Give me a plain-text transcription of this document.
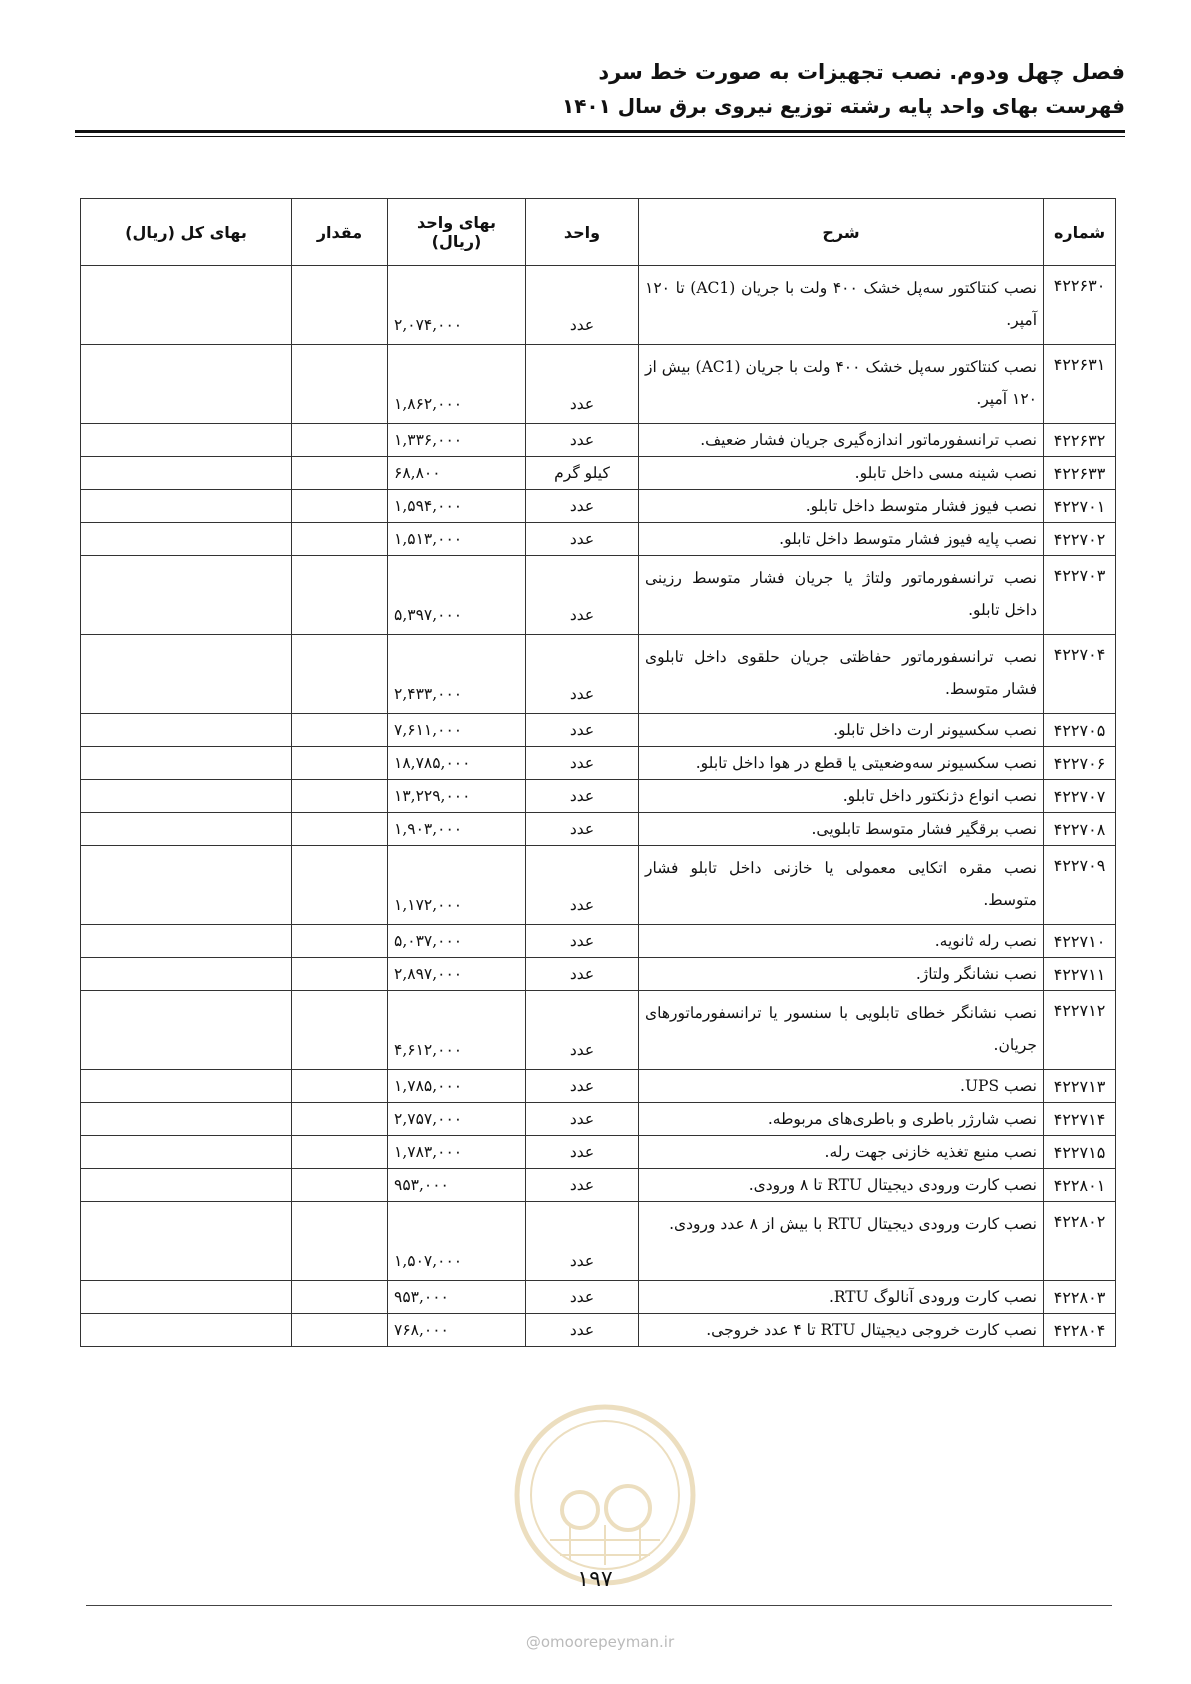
فصل چهل ودوم. نصب تجهیزات به صورت خط سرد
فهرست بهای واحد پایه رشته توزیع نیروی برق سال ۱۴۰۱
شماره	شرح	واحد	بهای واحد (ریال)	مقدار	بهای کل (ریال)
۴۲۲۶۳۰	نصب کنتاکتور سه‌پل خشک ۴۰۰ ولت با جریان (AC1) تا ۱۲۰ آمپر.	عدد	۲,۰۷۴,۰۰۰		
۴۲۲۶۳۱	نصب کنتاکتور سه‌پل خشک ۴۰۰ ولت با جریان (AC1) بیش از ۱۲۰ آمپر.	عدد	۱,۸۶۲,۰۰۰		
۴۲۲۶۳۲	نصب ترانسفورماتور اندازه‌گیری جریان فشار ضعیف.	عدد	۱,۳۳۶,۰۰۰		
۴۲۲۶۳۳	نصب شینه مسی داخل تابلو.	کیلو گرم	۶۸,۸۰۰		
۴۲۲۷۰۱	نصب فیوز فشار متوسط داخل تابلو.	عدد	۱,۵۹۴,۰۰۰		
۴۲۲۷۰۲	نصب پایه فیوز فشار متوسط داخل تابلو.	عدد	۱,۵۱۳,۰۰۰		
۴۲۲۷۰۳	نصب ترانسفورماتور ولتاژ یا جریان فشار متوسط رزینی داخل تابلو.	عدد	۵,۳۹۷,۰۰۰		
۴۲۲۷۰۴	نصب ترانسفورماتور حفاظتی جریان حلقوی داخل تابلوی فشار متوسط.	عدد	۲,۴۳۳,۰۰۰		
۴۲۲۷۰۵	نصب سکسیونر ارت داخل تابلو.	عدد	۷,۶۱۱,۰۰۰		
۴۲۲۷۰۶	نصب سکسیونر سه‌وضعیتی یا قطع در هوا داخل تابلو.	عدد	۱۸,۷۸۵,۰۰۰		
۴۲۲۷۰۷	نصب انواع دژنکتور داخل تابلو.	عدد	۱۳,۲۲۹,۰۰۰		
۴۲۲۷۰۸	نصب برقگیر فشار متوسط تابلویی.	عدد	۱,۹۰۳,۰۰۰		
۴۲۲۷۰۹	نصب مقره اتکایی معمولی یا خازنی داخل تابلو فشار متوسط.	عدد	۱,۱۷۲,۰۰۰		
۴۲۲۷۱۰	نصب رله ثانویه.	عدد	۵,۰۳۷,۰۰۰		
۴۲۲۷۱۱	نصب نشانگر ولتاژ.	عدد	۲,۸۹۷,۰۰۰		
۴۲۲۷۱۲	نصب نشانگر خطای تابلویی با سنسور یا ترانسفورماتورهای جریان.	عدد	۴,۶۱۲,۰۰۰		
۴۲۲۷۱۳	نصب UPS.	عدد	۱,۷۸۵,۰۰۰		
۴۲۲۷۱۴	نصب شارژر باطری و باطری‌های مربوطه.	عدد	۲,۷۵۷,۰۰۰		
۴۲۲۷۱۵	نصب منبع تغذیه خازنی جهت رله.	عدد	۱,۷۸۳,۰۰۰		
۴۲۲۸۰۱	نصب کارت ورودی دیجیتال RTU تا ۸ ورودی.	عدد	۹۵۳,۰۰۰		
۴۲۲۸۰۲	نصب کارت ورودی دیجیتال RTU با بیش از ۸ عدد ورودی.	عدد	۱,۵۰۷,۰۰۰		
۴۲۲۸۰۳	نصب کارت ورودی آنالوگ RTU.	عدد	۹۵۳,۰۰۰		
۴۲۲۸۰۴	نصب کارت خروجی دیجیتال RTU تا ۴ عدد خروجی.	عدد	۷۶۸,۰۰۰		
۱۹۷
@omoorepeyman.ir
